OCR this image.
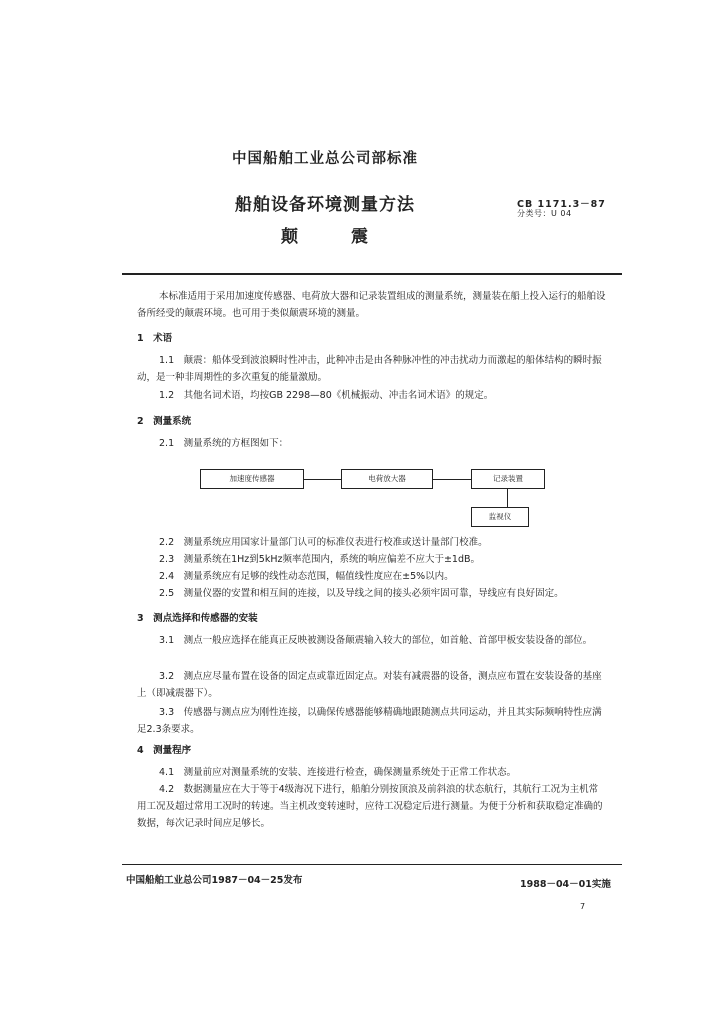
中国船舶工业总公司部标准
船舶设备环境测量方法
颠	震
CB 1171.3－87
分类号：U 04
本标准适用于采用加速度传感器、电荷放大器和记录装置组成的测量系统，测量装在船上投入运行的船舶设备所经受的颠震环境。也可用于类似颠震环境的测量。
1　术语
1.1　颠震：船体受到波浪瞬时性冲击，此种冲击是由各种脉冲性的冲击扰动力而激起的船体结构的瞬时振动，是一种非周期性的多次重复的能量激励。
1.2　其他名词术语，均按GB 2298—80《机械振动、冲击名词术语》的规定。
2　测量系统
2.1　测量系统的方框图如下：
加速度传感器	电荷放大器	记录装置
监视仪
2.2　测量系统应用国家计量部门认可的标准仪表进行校准或送计量部门校准。
2.3　测量系统在1Hz到5kHz频率范围内，系统的响应偏差不应大于±1dB。
2.4　测量系统应有足够的线性动态范围，幅值线性度应在±5%以内。
2.5　测量仪器的安置和相互间的连接，以及导线之间的接头必须牢固可靠，导线应有良好固定。
3　测点选择和传感器的安装
3.1　测点一般应选择在能真正反映被测设备颠震输入较大的部位，如首舱、首部甲板安装设备的部位。
3.2　测点应尽量布置在设备的固定点或靠近固定点。对装有减震器的设备，测点应布置在安装设备的基座上（即减震器下）。
3.3　传感器与测点应为刚性连接，以确保传感器能够精确地跟随测点共同运动，并且其实际频响特性应满足2.3条要求。
4　测量程序
4.1　测量前应对测量系统的安装、连接进行检查，确保测量系统处于正常工作状态。
4.2　数据测量应在大于等于4级海况下进行，船舶分别按顶浪及前斜浪的状态航行，其航行工况为主机常用工况及超过常用工况时的转速。当主机改变转速时，应待工况稳定后进行测量。为便于分析和获取稳定准确的数据，每次记录时间应足够长。
中国船舶工业总公司1987－04－25发布	1988－04－01实施
7
